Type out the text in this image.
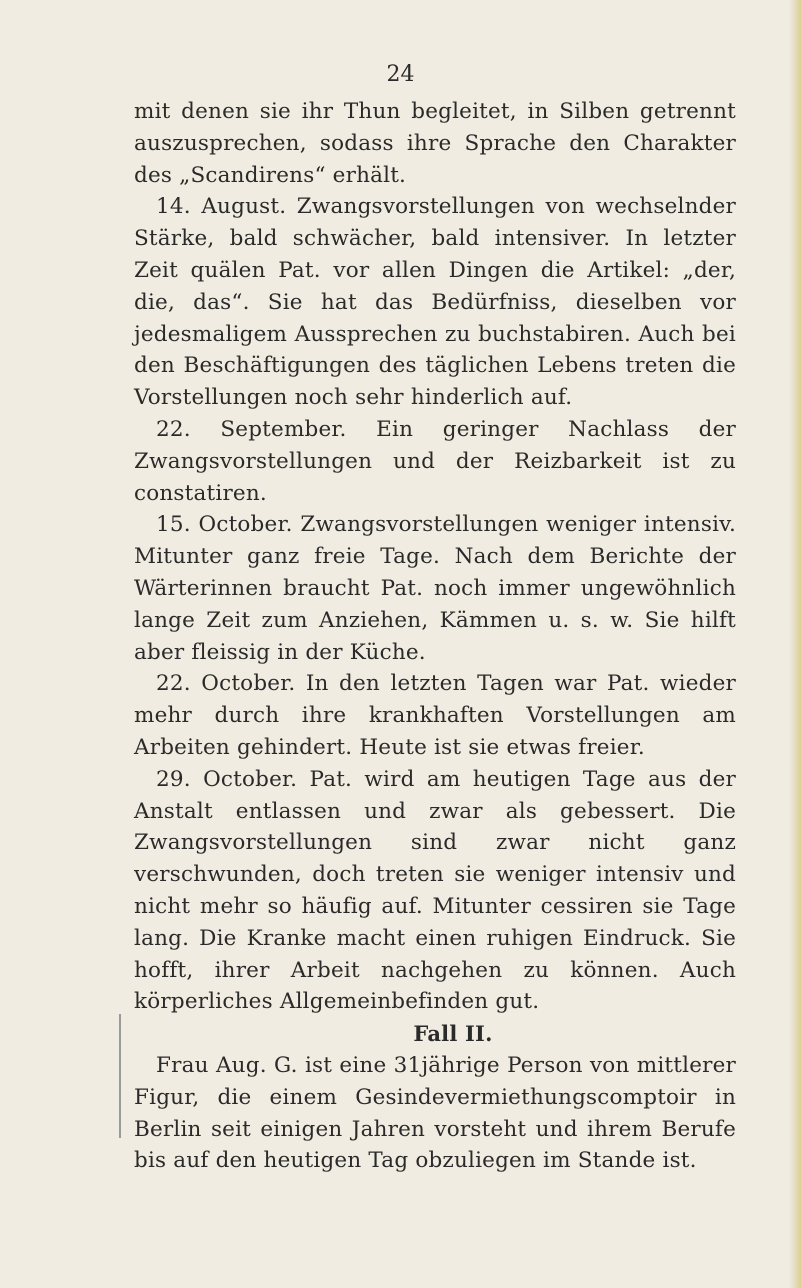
24

mit denen sie ihr Thun begleitet, in Silben getrennt auszusprechen, sodass ihre Sprache den Charakter des „Scandirens“ erhält.

14. August. Zwangsvorstellungen von wechselnder Stärke, bald schwächer, bald intensiver. In letzter Zeit quälen Pat. vor allen Dingen die Artikel: „der, die, das“. Sie hat das Bedürfniss, dieselben vor jedesmaligem Aussprechen zu buchstabiren. Auch bei den Beschäftigungen des täglichen Lebens treten die Vorstellungen noch sehr hinderlich auf.

22. September. Ein geringer Nachlass der Zwangsvorstellungen und der Reizbarkeit ist zu constatiren.

15. October. Zwangsvorstellungen weniger intensiv. Mitunter ganz freie Tage. Nach dem Berichte der Wärterinnen braucht Pat. noch immer ungewöhnlich lange Zeit zum Anziehen, Kämmen u. s. w. Sie hilft aber fleissig in der Küche.

22. October. In den letzten Tagen war Pat. wieder mehr durch ihre krankhaften Vorstellungen am Arbeiten gehindert. Heute ist sie etwas freier.

29. October. Pat. wird am heutigen Tage aus der Anstalt entlassen und zwar als gebessert. Die Zwangsvorstellungen sind zwar nicht ganz verschwunden, doch treten sie weniger intensiv und nicht mehr so häufig auf. Mitunter cessiren sie Tage lang. Die Kranke macht einen ruhigen Eindruck. Sie hofft, ihrer Arbeit nachgehen zu können. Auch körperliches Allgemeinbefinden gut.

Fall II.

Frau Aug. G. ist eine 31jährige Person von mittlerer Figur, die einem Gesindevermiethungscomptoir in Berlin seit einigen Jahren vorsteht und ihrem Berufe bis auf den heutigen Tag obzuliegen im Stande ist.
